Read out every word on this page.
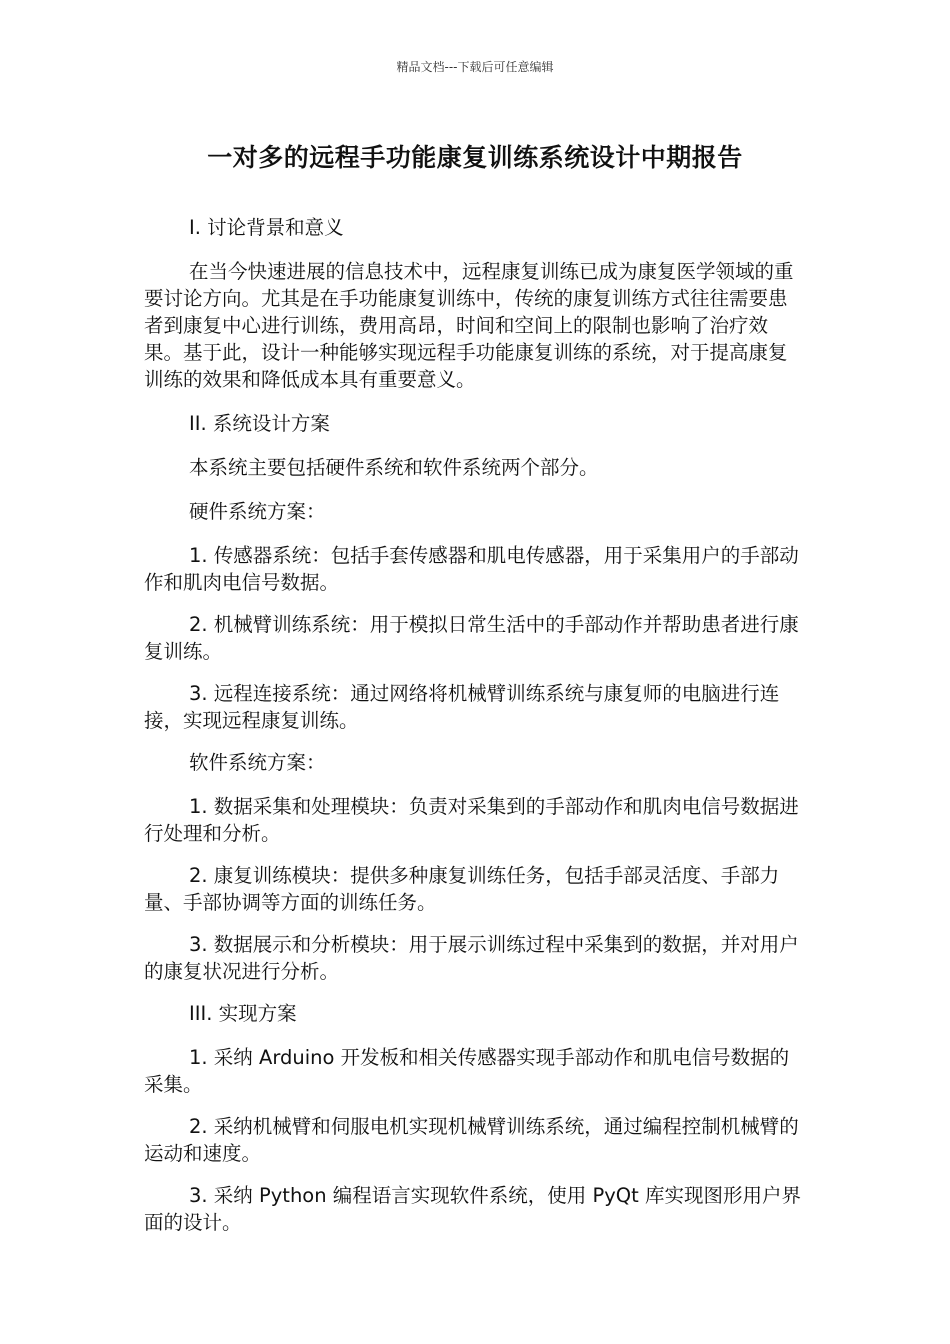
精品文档---下载后可任意编辑
一对多的远程手功能康复训练系统设计中期报告

I. 讨论背景和意义

在当今快速进展的信息技术中，远程康复训练已成为康复医学领域的重要讨论方向。尤其是在手功能康复训练中，传统的康复训练方式往往需要患者到康复中心进行训练，费用高昂，时间和空间上的限制也影响了治疗效果。基于此，设计一种能够实现远程手功能康复训练的系统，对于提高康复训练的效果和降低成本具有重要意义。

II. 系统设计方案

本系统主要包括硬件系统和软件系统两个部分。

硬件系统方案：

1. 传感器系统：包括手套传感器和肌电传感器，用于采集用户的手部动作和肌肉电信号数据。

2. 机械臂训练系统：用于模拟日常生活中的手部动作并帮助患者进行康复训练。

3. 远程连接系统：通过网络将机械臂训练系统与康复师的电脑进行连接，实现远程康复训练。

软件系统方案：

1. 数据采集和处理模块：负责对采集到的手部动作和肌肉电信号数据进行处理和分析。

2. 康复训练模块：提供多种康复训练任务，包括手部灵活度、手部力量、手部协调等方面的训练任务。

3. 数据展示和分析模块：用于展示训练过程中采集到的数据，并对用户的康复状况进行分析。

III. 实现方案

1. 采纳 Arduino 开发板和相关传感器实现手部动作和肌电信号数据的采集。

2. 采纳机械臂和伺服电机实现机械臂训练系统，通过编程控制机械臂的运动和速度。

3. 采纳 Python 编程语言实现软件系统，使用 PyQt 库实现图形用户界面的设计。
